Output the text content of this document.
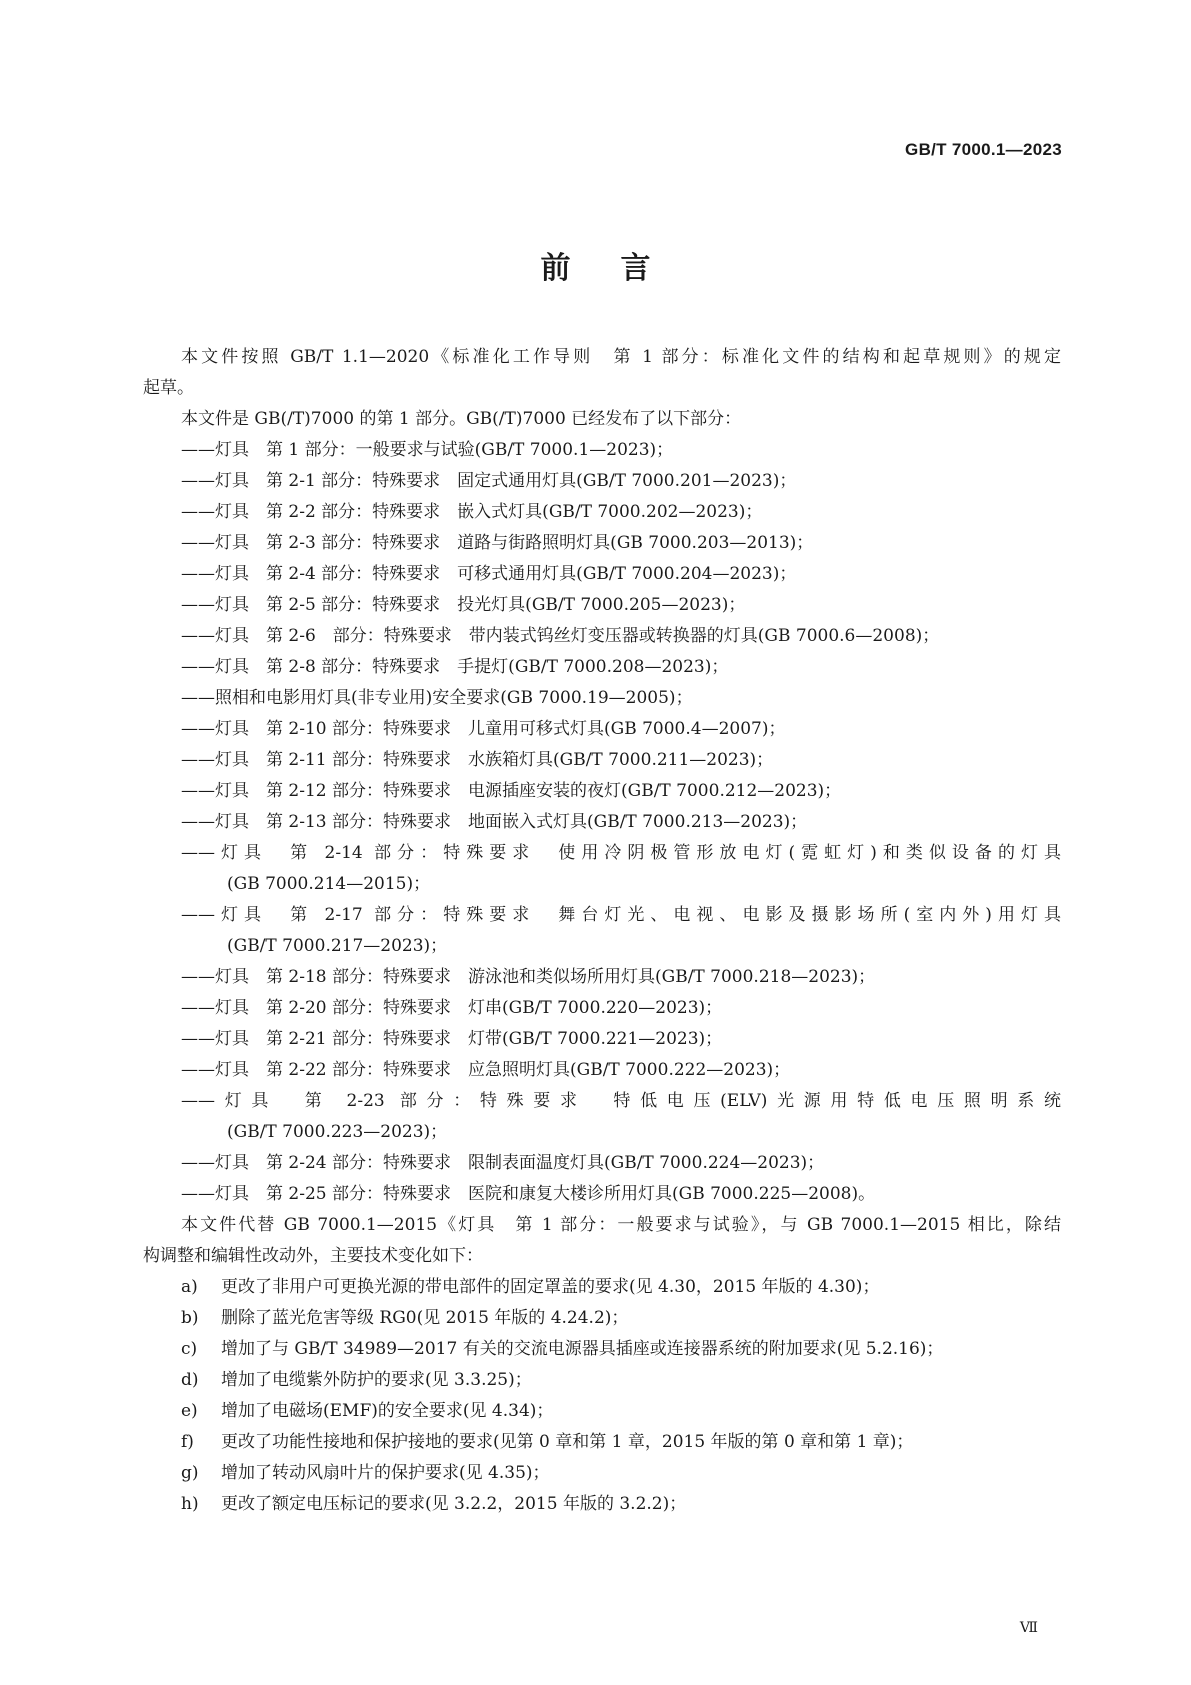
GB/T 7000.1—2023
前言
本文件按照 GB/T 1.1—2020《标准化工作导则　第 1 部分：标准化文件的结构和起草规则》的规定
起草。
本文件是 GB(/T)7000 的第 1 部分。GB(/T)7000 已经发布了以下部分：
——灯具　第 1 部分：一般要求与试验(GB/T 7000.1—2023)；
——灯具　第 2-1 部分：特殊要求　固定式通用灯具(GB/T 7000.201—2023)；
——灯具　第 2-2 部分：特殊要求　嵌入式灯具(GB/T 7000.202—2023)；
——灯具　第 2-3 部分：特殊要求　道路与街路照明灯具(GB 7000.203—2013)；
——灯具　第 2-4 部分：特殊要求　可移式通用灯具(GB/T 7000.204—2023)；
——灯具　第 2-5 部分：特殊要求　投光灯具(GB/T 7000.205—2023)；
——灯具　第 2-6　部分：特殊要求　带内装式钨丝灯变压器或转换器的灯具(GB 7000.6—2008)；
——灯具　第 2-8 部分：特殊要求　手提灯(GB/T 7000.208—2023)；
——照相和电影用灯具(非专业用)安全要求(GB 7000.19—2005)；
——灯具　第 2-10 部分：特殊要求　儿童用可移式灯具(GB 7000.4—2007)；
——灯具　第 2-11 部分：特殊要求　水族箱灯具(GB/T 7000.211—2023)；
——灯具　第 2-12 部分：特殊要求　电源插座安装的夜灯(GB/T 7000.212—2023)；
——灯具　第 2-13 部分：特殊要求　地面嵌入式灯具(GB/T 7000.213—2023)；
——灯具　第 2-14 部分：特殊要求　使用冷阴极管形放电灯(霓虹灯)和类似设备的灯具
(GB 7000.214—2015)；
——灯具　第 2-17 部分：特殊要求　舞台灯光、电视、电影及摄影场所(室内外)用灯具
(GB/T 7000.217—2023)；
——灯具　第 2-18 部分：特殊要求　游泳池和类似场所用灯具(GB/T 7000.218—2023)；
——灯具　第 2-20 部分：特殊要求　灯串(GB/T 7000.220—2023)；
——灯具　第 2-21 部分：特殊要求　灯带(GB/T 7000.221—2023)；
——灯具　第 2-22 部分：特殊要求　应急照明灯具(GB/T 7000.222—2023)；
——灯具　第 2-23 部分：特殊要求　特低电压(ELV)光源用特低电压照明系统
(GB/T 7000.223—2023)；
——灯具　第 2-24 部分：特殊要求　限制表面温度灯具(GB/T 7000.224—2023)；
——灯具　第 2-25 部分：特殊要求　医院和康复大楼诊所用灯具(GB 7000.225—2008)。
本文件代替 GB 7000.1—2015《灯具　第 1 部分：一般要求与试验》，与 GB 7000.1—2015 相比，除结
构调整和编辑性改动外，主要技术变化如下：
a) 更改了非用户可更换光源的带电部件的固定罩盖的要求(见 4.30，2015 年版的 4.30)；
b) 删除了蓝光危害等级 RG0(见 2015 年版的 4.24.2)；
c) 增加了与 GB/T 34989—2017 有关的交流电源器具插座或连接器系统的附加要求(见 5.2.16)；
d) 增加了电缆紫外防护的要求(见 3.3.25)；
e) 增加了电磁场(EMF)的安全要求(见 4.34)；
f) 更改了功能性接地和保护接地的要求(见第 0 章和第 1 章，2015 年版的第 0 章和第 1 章)；
g) 增加了转动风扇叶片的保护要求(见 4.35)；
h) 更改了额定电压标记的要求(见 3.2.2，2015 年版的 3.2.2)；
Ⅶ
